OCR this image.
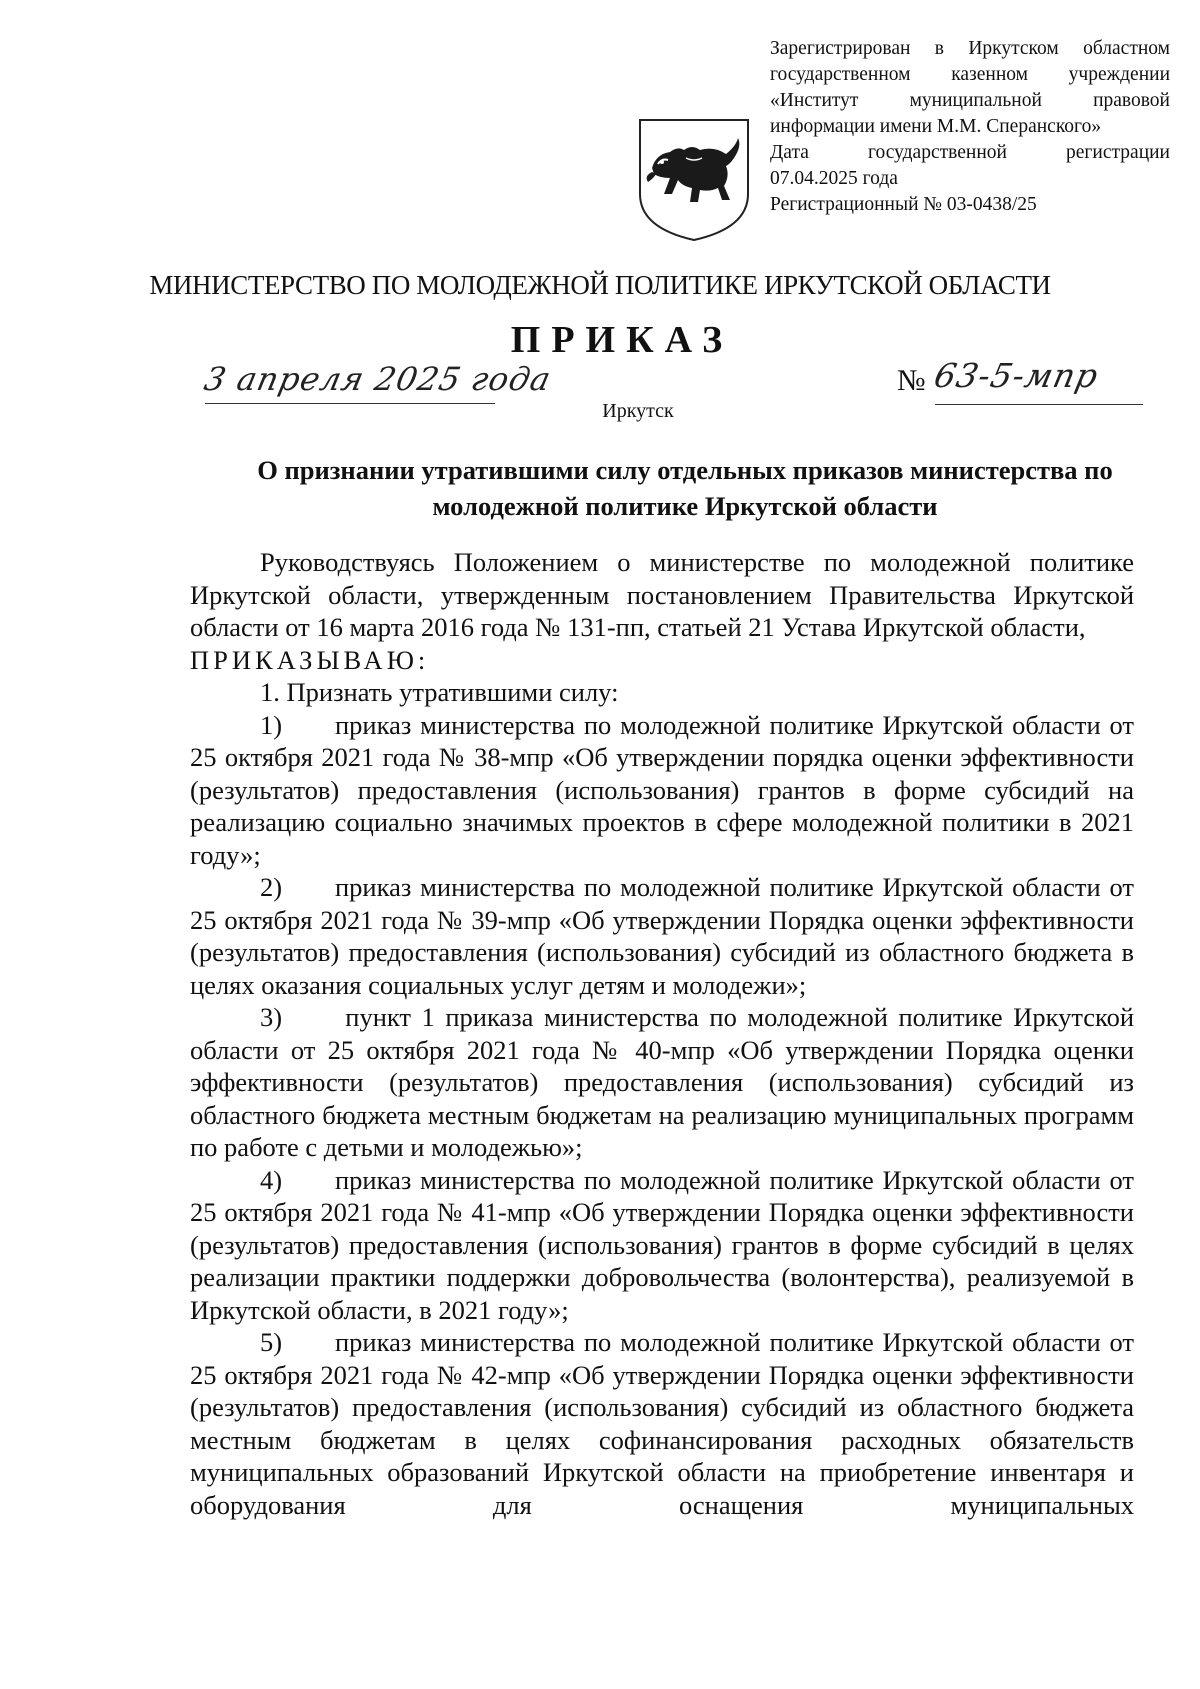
Зарегистрирован в Иркутском областном
государственном казенном учреждении
«Институт муниципальной правовой
информации имени М.М. Сперанского»
Дата государственной регистрации
07.04.2025 года
Регистрационный № 03-0438/25
МИНИСТЕРСТВО ПО МОЛОДЕЖНОЙ ПОЛИТИКЕ ИРКУТСКОЙ ОБЛАСТИ
ПРИКАЗ
3 апреля 2025 года	№ 63-5-мпр
Иркутск
О признании утратившими силу отдельных приказов министерства по молодежной политике Иркутской области

Руководствуясь Положением о министерстве по молодежной политике Иркутской области, утвержденным постановлением Правительства Иркутской области от 16 марта 2016 года № 131-пп, статьей 21 Устава Иркутской области,

ПРИКАЗЫВАЮ:

1. Признать утратившими силу:

1) приказ министерства по молодежной политике Иркутской области от 25 октября 2021 года № 38-мпр «Об утверждении порядка оценки эффективности (результатов) предоставления (использования) грантов в форме субсидий на реализацию социально значимых проектов в сфере молодежной политики в 2021 году»;

2) приказ министерства по молодежной политике Иркутской области от 25 октября 2021 года № 39-мпр «Об утверждении Порядка оценки эффективности (результатов) предоставления (использования) субсидий из областного бюджета в целях оказания социальных услуг детям и молодежи»;

3) пункт 1 приказа министерства по молодежной политике Иркутской области от 25 октября 2021 года № 40-мпр «Об утверждении Порядка оценки эффективности (результатов) предоставления (использования) субсидий из областного бюджета местным бюджетам на реализацию муниципальных программ по работе с детьми и молодежью»;

4) приказ министерства по молодежной политике Иркутской области от 25 октября 2021 года № 41-мпр «Об утверждении Порядка оценки эффективности (результатов) предоставления (использования) грантов в форме субсидий в целях реализации практики поддержки добровольчества (волонтерства), реализуемой в Иркутской области, в 2021 году»;

5) приказ министерства по молодежной политике Иркутской области от 25 октября 2021 года № 42-мпр «Об утверждении Порядка оценки эффективности (результатов) предоставления (использования) субсидий из областного бюджета местным бюджетам в целях софинансирования расходных обязательств муниципальных образований Иркутской области на приобретение инвентаря и оборудования для оснащения муниципальных
